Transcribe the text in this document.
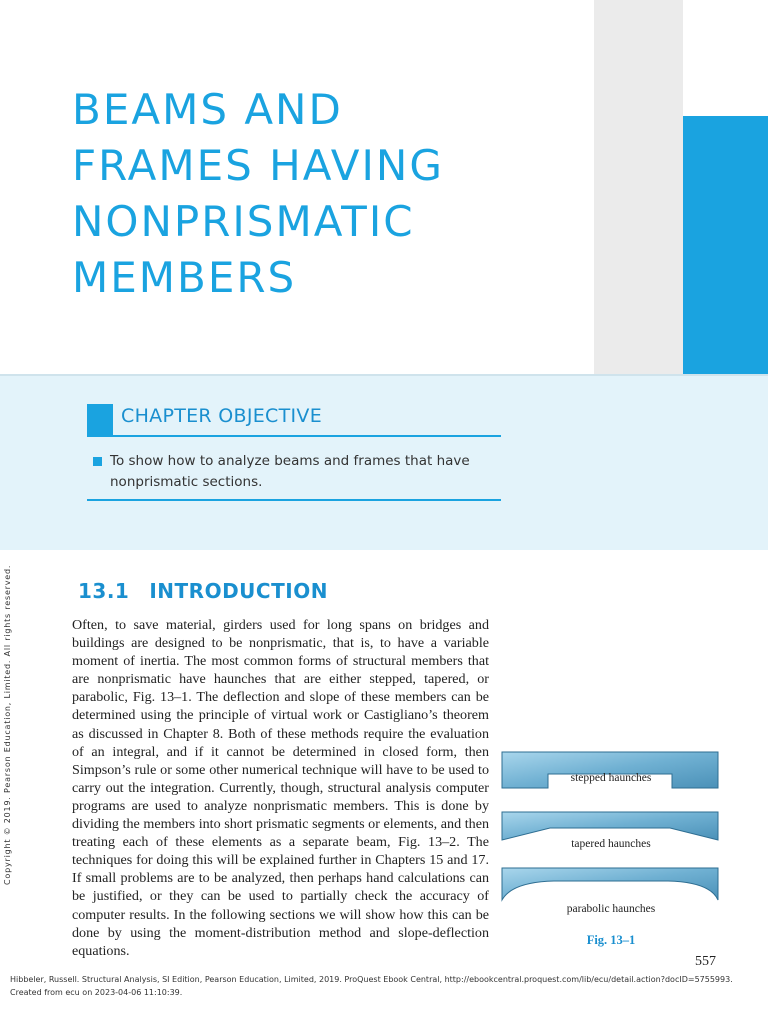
BEAMS AND
FRAMES HAVING
NONPRISMATIC
MEMBERS
CHAPTER OBJECTIVE
To show how to analyze beams and frames that have nonprismatic sections.
13.1 INTRODUCTION

Often, to save material, girders used for long spans on bridges and buildings are designed to be nonprismatic, that is, to have a variable moment of inertia. The most common forms of structural members that are nonprismatic have haunches that are either stepped, tapered, or parabolic, Fig. 13–1. The deflection and slope of these members can be determined using the principle of virtual work or Castigliano’s theorem as discussed in Chapter 8. Both of these methods require the evaluation of an integral, and if it cannot be determined in closed form, then Simpson’s rule or some other numerical technique will have to be used to carry out the integration. Currently, though, structural analysis computer programs are used to analyze nonprismatic members. This is done by dividing the members into short prismatic segments or elements, and then treating each of these elements as a separate beam, Fig. 13–2. The techniques for doing this will be explained further in Chapters 15 and 17. If small problems are to be analyzed, then perhaps hand calculations can be justified, or they can be used to partially check the accuracy of computer results. In the following sections we will show how this can be done by using the moment-distribution method and slope-deflection equations.

Copyright © 2019. Pearson Education, Limited. All rights reserved.	stepped haunches
tapered haunches
parabolic haunches
Fig. 13–1
557
Hibbeler, Russell. Structural Analysis, SI Edition, Pearson Education, Limited, 2019. ProQuest Ebook Central, http://ebookcentral.proquest.com/lib/ecu/detail.action?docID=5755993.
Created from ecu on 2023-04-06 11:10:39.
